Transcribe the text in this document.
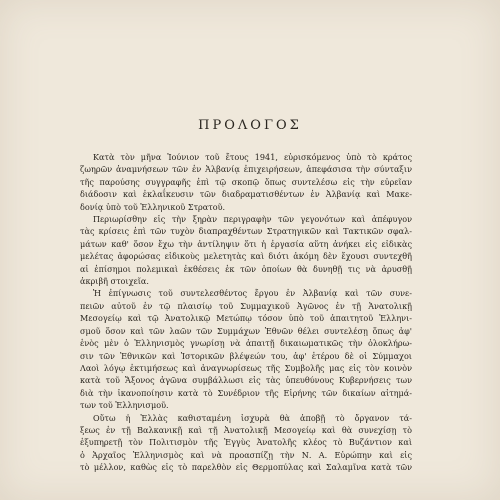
ΠΡΟΛΟΓΟΣ
Κατὰ τὸν μῆνα Ἰούνιον τοῦ ἔτους 1941, εὑρισκόμενος ὑπὸ τὸ κράτος
ζωηρῶν ἀναμνήσεων τῶν ἐν Ἀλβανίᾳ ἐπιχειρήσεων, ἀπεφάσισα τὴν σύνταξιν
τῆς παρούσης συγγραφῆς ἐπὶ τῷ σκοπῷ ὅπως συντελέσω εἰς τὴν εὐρεῖαν
διάδοσιν καὶ ἐκλαΐκευσιν τῶν διαδραματισθέντων ἐν Ἀλβανίᾳ καὶ Μακε-
δονίᾳ ὑπὸ τοῦ Ἑλληνικοῦ Στρατοῦ.
Περιωρίσθην εἰς τὴν ξηρὰν περιγραφὴν τῶν γεγονότων καὶ ἀπέφυγον
τὰς κρίσεις ἐπὶ τῶν τυχὸν διαπραχθέντων Στρατηγικῶν καὶ Τακτικῶν σφαλ-
μάτων καθ' ὅσον ἔχω τὴν ἀντίληψιν ὅτι ἡ ἐργασία αὕτη ἀνήκει εἰς εἰδικὰς
μελέτας ἀφορώσας εἰδικοὺς μελετητὰς καὶ διότι ἀκόμη δὲν ἔχουσι συντεχθῆ
αἱ ἐπίσημοι πολεμικαὶ ἐκθέσεις ἐκ τῶν ὁποίων θὰ δυνηθῇ τις νὰ ἀρυσθῇ
ἀκριβῆ στοιχεῖα.
Ἡ ἐπίγνωσις τοῦ συντελεσθέντος ἔργου ἐν Ἀλβανίᾳ καὶ τῶν συνε-
πειῶν αὐτοῦ ἐν τῷ πλαισίῳ τοῦ Συμμαχικοῦ Ἀγῶνος ἐν τῇ Ἀνατολικῇ
Μεσογείῳ καὶ τῷ Ἀνατολικῷ Μετώπῳ τόσον ὑπὸ τοῦ ἀπαιτητοῦ Ἑλληνι-
σμοῦ ὅσον καὶ τῶν λαῶν τῶν Συμμάχων Ἐθνῶν θέλει συντελέσῃ ὅπως ἀφ'
ἑνὸς μὲν ὁ Ἑλληνισμὸς γνωρίσῃ νὰ ἀπαιτῇ δικαιωματικῶς τὴν ὁλοκλήρω-
σιν τῶν Ἐθνικῶν καὶ Ἱστορικῶν βλέψεών του, ἀφ' ἑτέρου δὲ οἱ Σύμμαχοι
Λαοὶ λόγῳ ἐκτιμήσεως καὶ ἀναγνωρίσεως τῆς Συμβολῆς μας εἰς τὸν κοινὸν
κατὰ τοῦ Ἄξονος ἀγῶνα συμβάλλωσι εἰς τὰς ὑπευθύνους Κυβερνήσεις των
διὰ τὴν ἱκανοποίησιν κατὰ τὸ Συνέδριον τῆς Εἰρήνης τῶν δικαίων αἰτημά-
των τοῦ Ἑλληνισμοῦ.
Οὕτω ἡ Ἑλλὰς καθισταμένη ἰσχυρὰ θὰ ἀποβῇ τὸ ὄργανον τά-
ξεως ἐν τῇ Βαλκανικῇ καὶ τῇ Ἀνατολικῇ Μεσογείῳ καὶ θὰ συνεχίσῃ τὸ
ἐξυπηρετῇ τὸν Πολιτισμὸν τῆς Ἐγγὺς Ἀνατολῆς κλέος τὸ Βυζάντιον καὶ
ὁ Ἀρχαῖος Ἑλληνισμὸς καὶ νὰ προασπίζῃ τὴν Ν. Α. Εὐρώπην καὶ εἰς
τὸ μέλλον, καθὼς εἰς τὸ παρελθὸν εἰς Θερμοπύλας καὶ Σαλαμῖνα κατὰ τῶν
